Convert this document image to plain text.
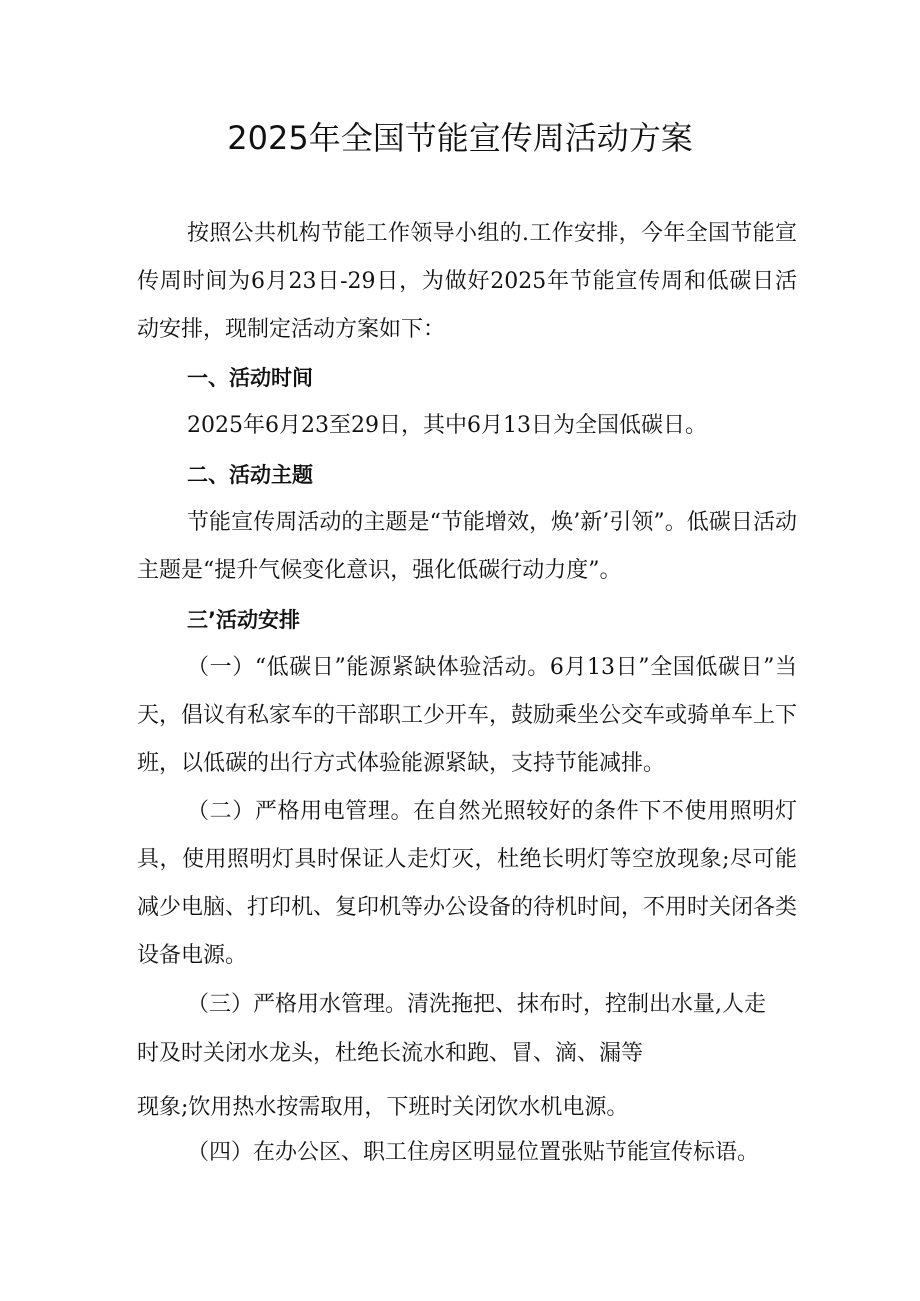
2025年全国节能宣传周活动方案

按照公共机构节能工作领导小组的.工作安排，今年全国节能宣传周时间为6月23日-29日，为做好2025年节能宣传周和低碳日活动安排，现制定活动方案如下：

一、活动时间

2025年6月23至29日，其中6月13日为全国低碳日。

二、活动主题

节能宣传周活动的主题是“节能增效，焕’新’引领”。低碳日活动主题是“提升气候变化意识，强化低碳行动力度”。

三’活动安排

（一）“低碳日”能源紧缺体验活动。6月13日”全国低碳日”当天，倡议有私家车的干部职工少开车，鼓励乘坐公交车或骑单车上下班，以低碳的出行方式体验能源紧缺，支持节能减排。

（二）严格用电管理。在自然光照较好的条件下不使用照明灯具，使用照明灯具时保证人走灯灭，杜绝长明灯等空放现象;尽可能减少电脑、打印机、复印机等办公设备的待机时间，不用时关闭各类设备电源。

（三）严格用水管理。清洗拖把、抹布时，控制出水量,人走

时及时关闭水龙头，杜绝长流水和跑、冒、滴、漏等

现象;饮用热水按需取用，下班时关闭饮水机电源。

（四）在办公区、职工住房区明显位置张贴节能宣传标语。
